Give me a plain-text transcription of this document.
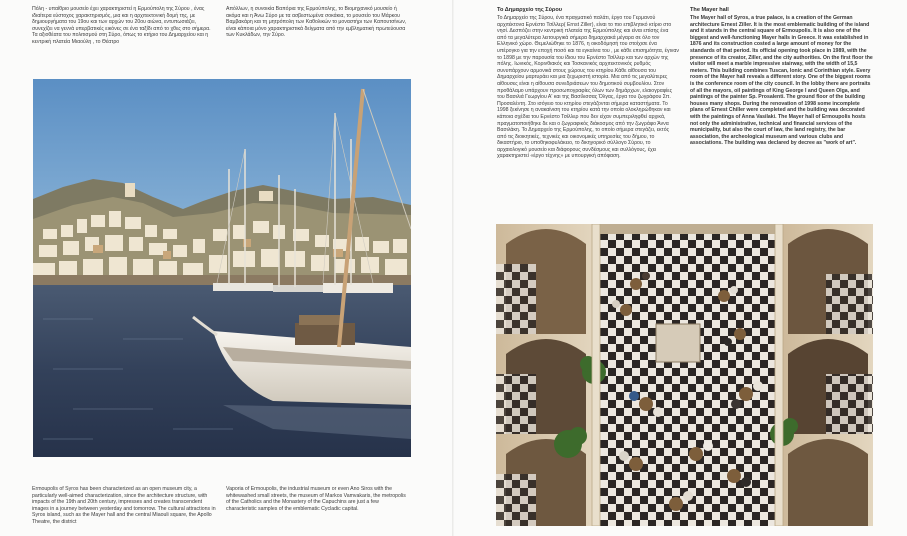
Πόλη - υπαίθριο μουσείο έχει χαρακτηριστεί η Ερμούπολη της Σύρου , ένας ιδιαίτερα εύστοχος χαρακτηρισμός, μια και η αρχιτεκτονική δομή της, με δημιουργήματα του 19ου και των αρχών του 20ου αιώνα, εντυπωσιάζει, συνεχίζει να γεννά υπερβατικές εικόνες σε ένα ταξίδι από το χθες στο σήμερα. Τα αξιοθέατα του πολιτισμού στη Σύρο, όπως το κτήριο του Δημαρχείου και η κεντρική πλατεία Μιαούλη , το Θέατρο

Απόλλων, η συνοικία Βαπόρια της Ερμούπολης, το Βιομηχανικό μουσείο ή ακόμα και η Άνω Σύρο με τα ασβεστωμένα σοκάκια, το μουσείο του Μάρκου Βαμβακάρη και τη μητρόπολη των Καθολικών το μοναστήρι των Καπουτσίνων, είναι κάποια μόνο χαρακτηριστικά δείγματα από την εμβληματική πρωτεύουσα των Κυκλάδων, την Σύρο.

Ermoupolis of Syros has been characterized as an open museum city, a particularly well-aimed characterization, since the architecture structure, with impacts of the 19th and 20th century, impresses and creates transcendent images in a journey between yesterday and tomorrow. The cultural attractions in Syros island, such as the Mayer hall and the central Miaouli square, the Apollo Theatre, the district

Vaporia of Ermoupolis, the industrial museum or even Ano Siros with the whitewashed small streets, the museum of Markos Vamvakaris, the metropolis of the Catholics and the Monastery of the Capuchins are just a few characteristic samples of the emblematic Cycladic capital.

Το Δημαρχείο της Σύρου

Το Δημαρχείο της Σύρου, ένα πραγματικό παλάτι, έργο του Γερμανού αρχιτέκτονα Ερνέστο Τσίλλερ( Ernst Ziller), είναι το πιο επιβλητικό κτίριο στο νησί. Δεσπόζει στην κεντρική πλατεία της Ερμούπολης και είναι επίσης ένα από τα μεγαλύτερα λειτουργικά σήμερα δημαρχιακά μέγαρα σε όλο τον Ελληνικό χώρο. Θεμελιώθηκε το 1876, η οικοδόμησή του στοίχισε ένα υπέρογκο για την εποχή ποσό και τα εγκαίνια του , με κάθε επισημότητα, έγιναν το 1898 με την παρουσία του ίδιου του Ερνέστο Τσίλλερ και των αρχών της πόλης. Ιωνικός, Κορινθιακός και Τοσκανικός αρχιτεκτονικός ρυθμός συνυπάρχουν αρμονικά στους χώρους του κτηρίου.Κάθε αίθουσα του Δημαρχείου μαρτυράει και μια ξεχωριστή ιστορία. Μια από τις μεγαλύτερες αίθουσες είναι η αίθουσα συνεδριάσεων του δημοτικού συμβουλίου. Στον προθάλαμο υπάρχουν προσωπογραφίες όλων των δημάρχων, ελαιογραφίες του Βασιλιά Γεωργίου Α' και της Βασίλισσας Όλγας, έργα του ζωγράφου Σπ. Προσαλέντη. Στο ισόγειο του κτηρίου στεγάζονται σήμερα καταστήματα. Το 1998 ξεκίνησε η ανακαίνιση του κτηρίου κατά την οποία ολοκληρώθηκαν και κάποια σχέδια του Ερνέστο Τσίλλερ που δεν είχαν συμπεριληφθεί αρχικά, πραγματοποιήθηκε δε και ο ζωγραφικός διάκοσμος από την ζωγράφο Άννα Βασιλάκη. Το Δημαρχείο της Ερμούπολης, το οποίο σήμερα στεγάζει, εκτός από τις διοικητικές, τεχνικές και οικονομικές υπηρεσίες του δήμου, το δικαστήριο, το υποθηκοφυλάκειο, το δικηγορικό σύλλογο Σύρου, το αρχαιολογικό μουσείο και διάφορους συνδέσμους και συλλόγους, έχει χαρακτηριστεί «έργο τέχνης» με υπουργική απόφαση.

The Mayer hall

The Mayer hall of Syros, a true palace, is a creation of the German architecture Ernest Ziller. It is the most emblematic building of the island and it stands in the central square of Ermoupolis. It is also one of the biggest and well-functioning Mayer halls in Greece. It was established in 1876 and its construction costed a large amount of money for the standards of that period. Its official opening took place in 1989, with the presence of its creator, Ziller, and the city authorities. On the first floor the visitor will meet a marble impressive stairway, with the width of 15,5 meters. This building combines Tuscan, Ionic and Corinthian style. Every room of the Mayer hall reveals a different story. One of the biggest rooms is the conference room of the city council. In the lobby there are portraits of all the mayors, oil paintings of King George I and Queen Olga, and paintings of the painter Sp. Prosalenti. The ground floor of the building houses many shops. During the renovation of 1998 some incomplete plans of Ernest Chiller were completed and the building was decorated with the paintings of Anna Vasilaki. The Mayer hall of Ermoupolis hosts not only the administrative, technical and financial services of the municipality, but also the court of law, the land registry, the bar association, the archeological museum and various clubs and associations. The building was declared by decree as "work of art".
